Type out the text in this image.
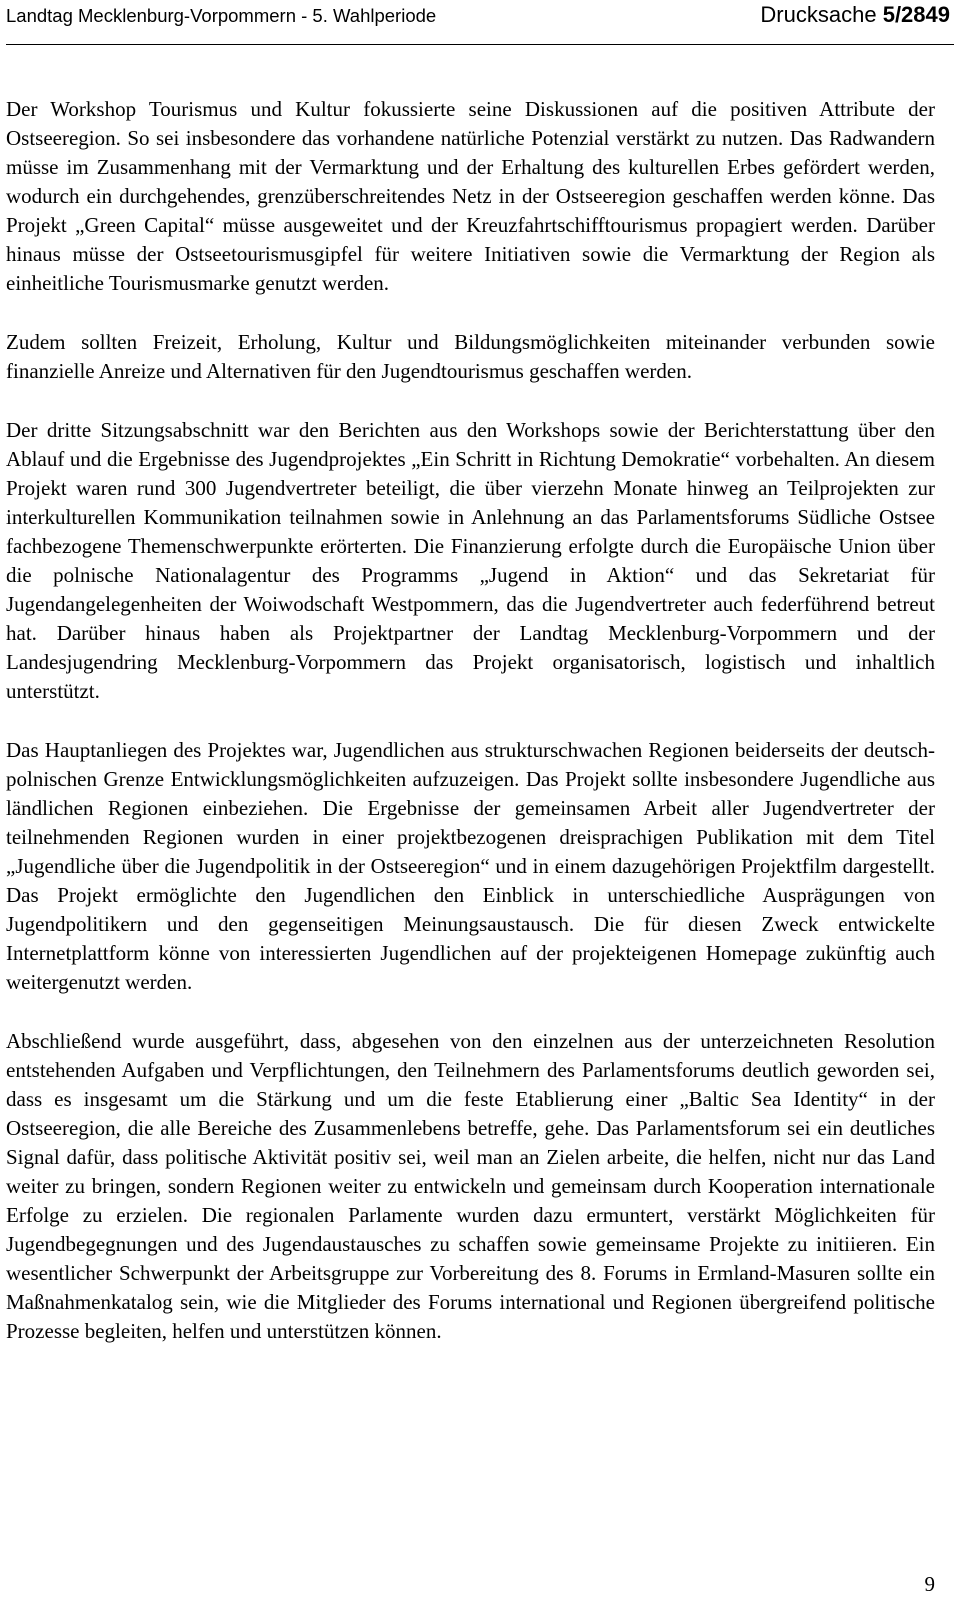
Landtag Mecklenburg-Vorpommern - 5. Wahlperiode	Drucksache 5/2849

Der Workshop Tourismus und Kultur fokussierte seine Diskussionen auf die positiven Attribute der Ostseeregion. So sei insbesondere das vorhandene natürliche Potenzial verstärkt zu nutzen. Das Radwandern müsse im Zusammenhang mit der Vermarktung und der Erhaltung des kulturellen Erbes gefördert werden, wodurch ein durchgehendes, grenzüberschreitendes Netz in der Ostseeregion geschaffen werden könne. Das Projekt „Green Capital“ müsse ausgeweitet und der Kreuzfahrtschifftourismus propagiert werden. Darüber hinaus müsse der Ostseetourismusgipfel für weitere Initiativen sowie die Vermarktung der Region als einheitliche Tourismusmarke genutzt werden.

Zudem sollten Freizeit, Erholung, Kultur und Bildungsmöglichkeiten miteinander verbunden sowie finanzielle Anreize und Alternativen für den Jugendtourismus geschaffen werden.

Der dritte Sitzungsabschnitt war den Berichten aus den Workshops sowie der Berichterstattung über den Ablauf und die Ergebnisse des Jugendprojektes „Ein Schritt in Richtung Demokratie“ vorbehalten. An diesem Projekt waren rund 300 Jugendvertreter beteiligt, die über vierzehn Monate hinweg an Teilprojekten zur interkulturellen Kommunikation teilnahmen sowie in Anlehnung an das Parlamentsforums Südliche Ostsee fachbezogene Themenschwerpunkte erörterten. Die Finanzierung erfolgte durch die Europäische Union über die polnische Nationalagentur des Programms „Jugend in Aktion“ und das Sekretariat für Jugendangelegenheiten der Woiwodschaft Westpommern, das die Jugendvertreter auch federführend betreut hat. Darüber hinaus haben als Projektpartner der Landtag Mecklenburg-Vorpommern und der Landesjugendring Mecklenburg-Vorpommern das Projekt organisatorisch, logistisch und inhaltlich unterstützt.

Das Hauptanliegen des Projektes war, Jugendlichen aus strukturschwachen Regionen beiderseits der deutsch-polnischen Grenze Entwicklungsmöglichkeiten aufzuzeigen. Das Projekt sollte insbesondere Jugendliche aus ländlichen Regionen einbeziehen. Die Ergebnisse der gemeinsamen Arbeit aller Jugendvertreter der teilnehmenden Regionen wurden in einer projektbezogenen dreisprachigen Publikation mit dem Titel „Jugendliche über die Jugendpolitik in der Ostseeregion“ und in einem dazugehörigen Projektfilm dargestellt. Das Projekt ermöglichte den Jugendlichen den Einblick in unterschiedliche Ausprägungen von Jugendpolitikern und den gegenseitigen Meinungsaustausch. Die für diesen Zweck entwickelte Internetplattform könne von interessierten Jugendlichen auf der projekteigenen Homepage zukünftig auch weitergenutzt werden.

Abschließend wurde ausgeführt, dass, abgesehen von den einzelnen aus der unterzeichneten Resolution entstehenden Aufgaben und Verpflichtungen, den Teilnehmern des Parlamentsforums deutlich geworden sei, dass es insgesamt um die Stärkung und um die feste Etablierung einer „Baltic Sea Identity“ in der Ostseeregion, die alle Bereiche des Zusammenlebens betreffe, gehe. Das Parlamentsforum sei ein deutliches Signal dafür, dass politische Aktivität positiv sei, weil man an Zielen arbeite, die helfen, nicht nur das Land weiter zu bringen, sondern Regionen weiter zu entwickeln und gemeinsam durch Kooperation internationale Erfolge zu erzielen. Die regionalen Parlamente wurden dazu ermuntert, verstärkt Möglichkeiten für Jugendbegegnungen und des Jugendaustausches zu schaffen sowie gemeinsame Projekte zu initiieren. Ein wesentlicher Schwerpunkt der Arbeitsgruppe zur Vorbereitung des 8. Forums in Ermland-Masuren sollte ein Maßnahmenkatalog sein, wie die Mitglieder des Forums international und Regionen übergreifend politische Prozesse begleiten, helfen und unterstützen können.

9
